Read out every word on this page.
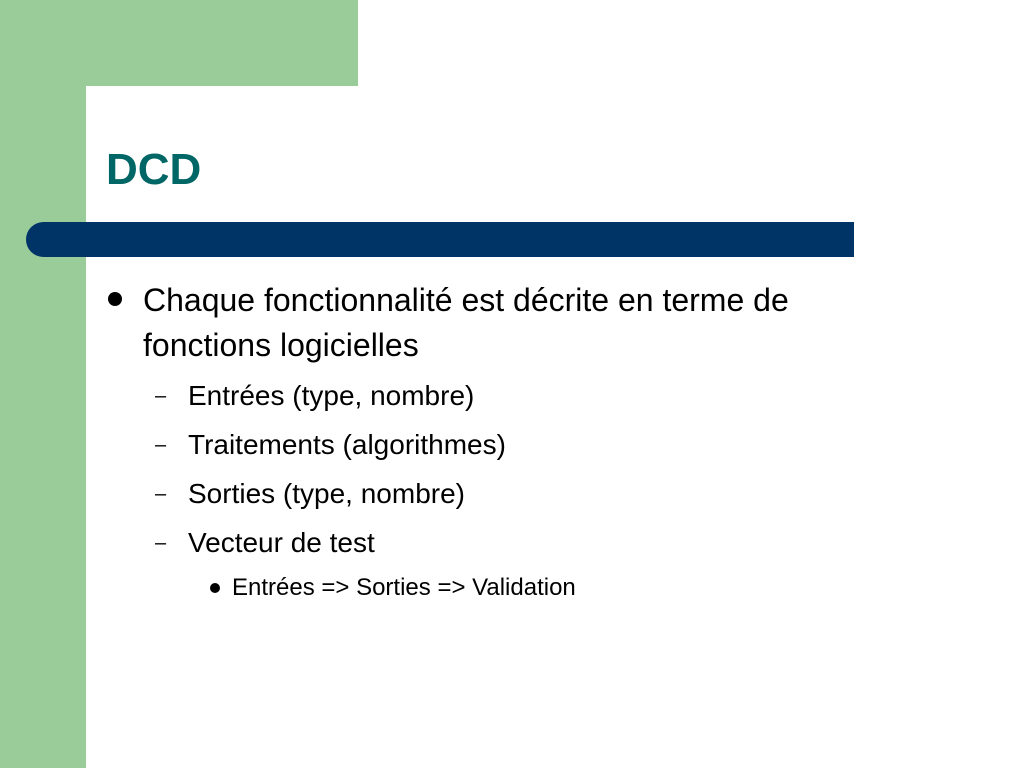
DCD
Chaque fonctionnalité est décrite en terme de fonctions logicielles
– Entrées (type, nombre)
– Traitements (algorithmes)
– Sorties (type, nombre)
– Vecteur de test
Entrées => Sorties => Validation
